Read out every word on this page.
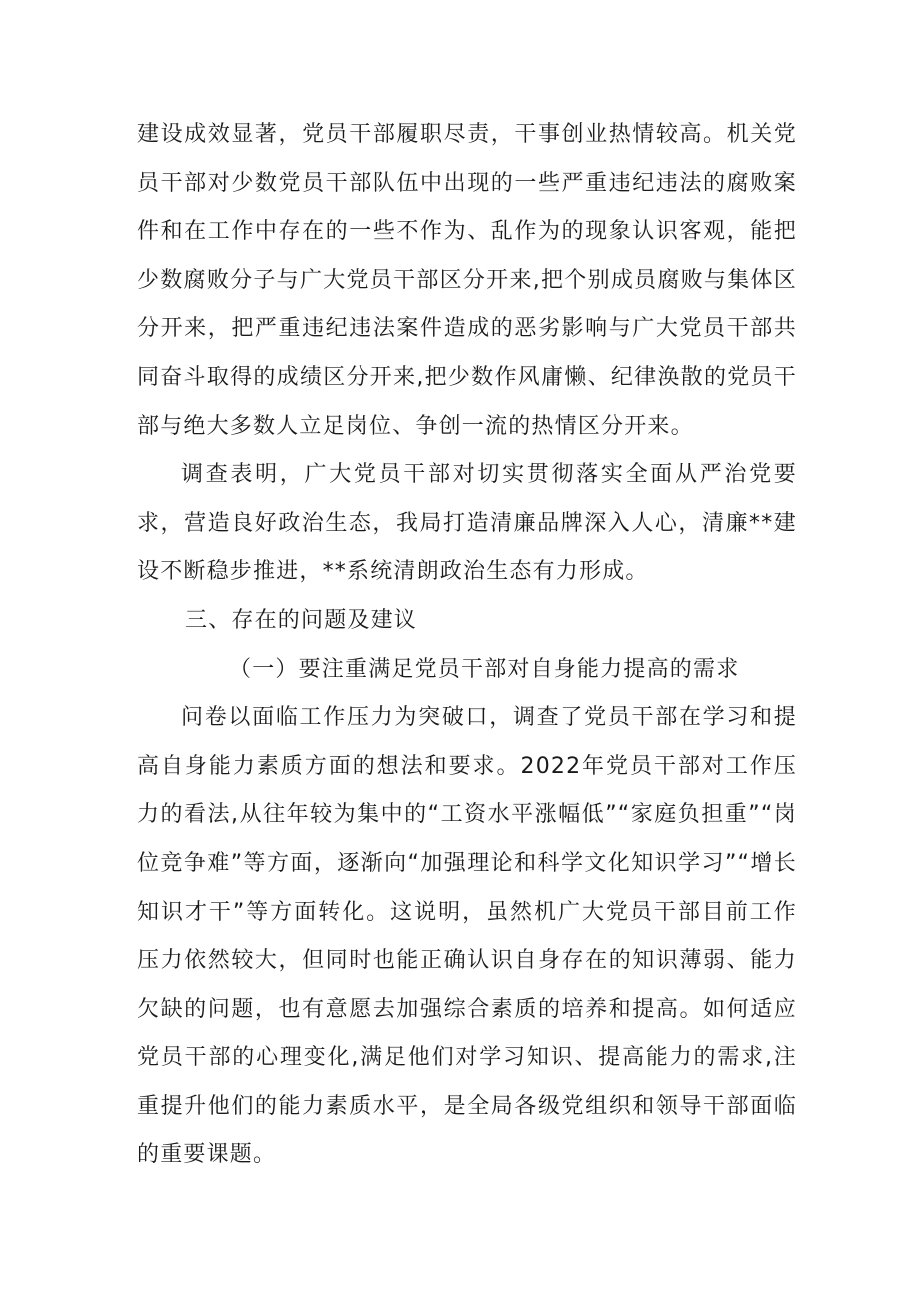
建设成效显著，党员干部履职尽责，干事创业热情较高。机关党员干部对少数党员干部队伍中出现的一些严重违纪违法的腐败案件和在工作中存在的一些不作为、乱作为的现象认识客观，能把少数腐败分子与广大党员干部区分开来,把个别成员腐败与集体区分开来，把严重违纪违法案件造成的恶劣影响与广大党员干部共同奋斗取得的成绩区分开来,把少数作风庸懒、纪律涣散的党员干部与绝大多数人立足岗位、争创一流的热情区分开来。

调查表明，广大党员干部对切实贯彻落实全面从严治党要求，营造良好政治生态，我局打造清廉品牌深入人心，清廉**建设不断稳步推进，**系统清朗政治生态有力形成。

三、存在的问题及建议
（一）要注重满足党员干部对自身能力提高的需求

问卷以面临工作压力为突破口，调查了党员干部在学习和提高自身能力素质方面的想法和要求。2022年党员干部对工作压力的看法,从往年较为集中的“工资水平涨幅低”“家庭负担重”“岗位竞争难”等方面，逐渐向“加强理论和科学文化知识学习”“增长知识才干”等方面转化。这说明，虽然机广大党员干部目前工作压力依然较大，但同时也能正确认识自身存在的知识薄弱、能力欠缺的问题，也有意愿去加强综合素质的培养和提高。如何适应党员干部的心理变化,满足他们对学习知识、提高能力的需求,注重提升他们的能力素质水平，是全局各级党组织和领导干部面临的重要课题。
